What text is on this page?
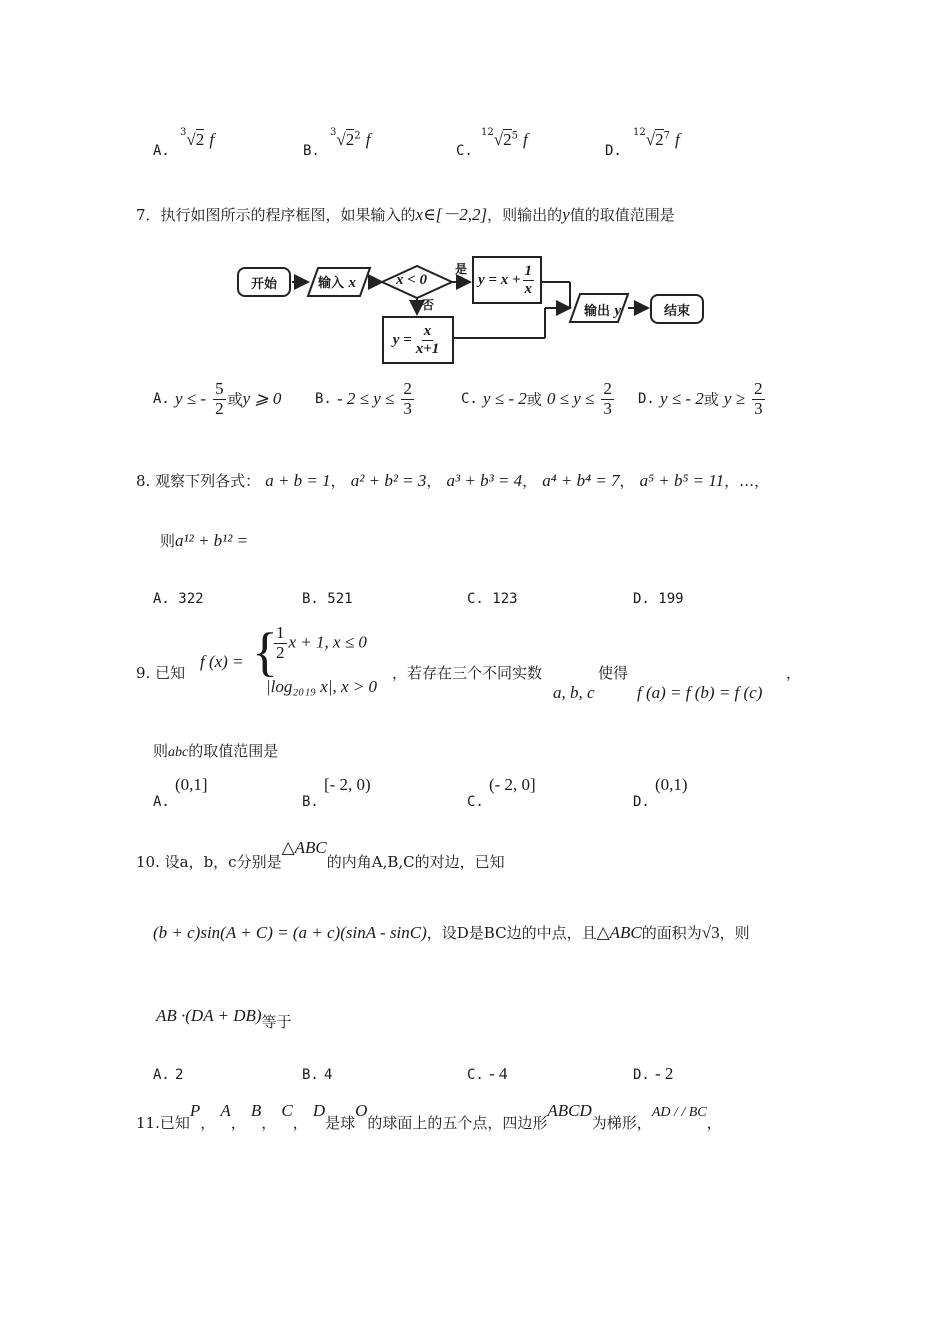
A.
$^3$√2 f
B.
$^3√2^2$ f
C.
$^{12}√2^5$ f
D.
$^{12}√2^7$ f
7．执行如图所示的程序框图，如果输入的x∈[－2,2]，则输出的y值的取值范围是
开始	输入 x	x < 0
是
否
$y = x + \frac{1}{x}$
$y = \frac{x}{x+1}$
输出 y	结束
A. y ≤ - $\frac{5}{2}$ 或y ⩾ 0 B. - $2 \le y \le \frac{2}{3}$	C. y ≤ - 2或 $0 \le y \le \frac{2}{3} D$. y ≤ - 2或 $y \ge \frac{2}{3}$
8. 观察下列各式： a + b = 1， a² + b² = 3， a³ + b³ = 4， a⁴ + b⁴ = 7， a⁵ + b⁵ = 11，…，
则a¹² + b¹² =
A. 322	B. 521	C. 123	D. 199
9. 已知
f (x) = {
$\frac{1}{2}$ x + 1, x ≤ 0
|log₂₀₁₉ x|, x > 0
，若存在三个不同实数
a, b, c
使得
f (a) = f (b) = f (c)
，
则abc的取值范围是
A. (0,1]
B. [- 2, 0)
C. (- 2, 0]
D. (0,1)
10. 设a，b，c分别是△ABC的内角A,B,C的对边，已知
(b + c)sin(A + C) = (a + c)(sinA - sinC)，设D是BC边的中点，且△ABC的面积为√3，则
AB ·(DA + DB)等于
A. 2	B. 4	C. - 4	D. - 2
11.已知P， A， B， C， D是球O的球面上的五个点，四边形ABCD为梯形，AD / / BC，
